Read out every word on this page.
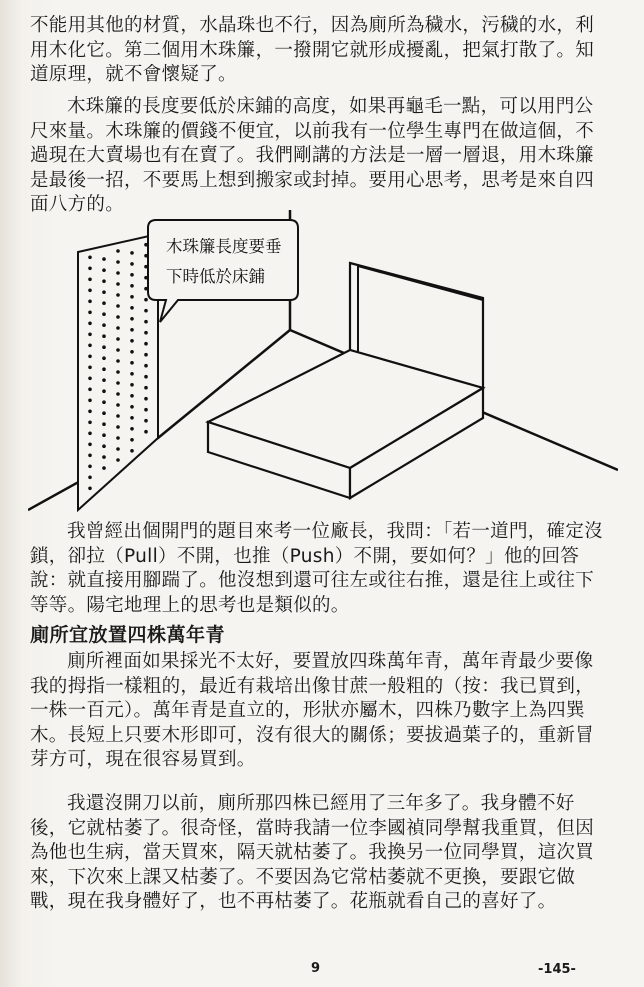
不能用其他的材質，水晶珠也不行，因為廁所為穢水，污穢的水，利用木化它。第二個用木珠簾，一撥開它就形成擾亂，把氣打散了。知道原理，就不會懷疑了。

木珠簾的長度要低於床鋪的高度，如果再龜毛一點，可以用門公尺來量。木珠簾的價錢不便宜，以前我有一位學生專門在做這個，不過現在大賣場也有在賣了。我們剛講的方法是一層一層退，用木珠簾是最後一招，不要馬上想到搬家或封掉。要用心思考，思考是來自四面八方的。

木珠簾長度要垂
下時低於床鋪

我曾經出個開門的題目來考一位廠長，我問：「若一道門，確定沒鎖，卻拉（Pull）不開，也推（Push）不開，要如何？」他的回答說：就直接用腳踹了。他沒想到還可往左或往右推，還是往上或往下等等。陽宅地理上的思考也是類似的。

廁所宜放置四株萬年青

廁所裡面如果採光不太好，要置放四珠萬年青，萬年青最少要像我的拇指一樣粗的，最近有栽培出像甘蔗一般粗的（按：我已買到，一株一百元）。萬年青是直立的，形狀亦屬木，四株乃數字上為四巽木。長短上只要木形即可，沒有很大的關係；要拔過葉子的，重新冒芽方可，現在很容易買到。

我還沒開刀以前，廁所那四株已經用了三年多了。我身體不好後，它就枯萎了。很奇怪，當時我請一位李國禎同學幫我重買，但因為他也生病，當天買來，隔天就枯萎了。我換另一位同學買，這次買來，下次來上課又枯萎了。不要因為它常枯萎就不更換，要跟它做戰，現在我身體好了，也不再枯萎了。花瓶就看自己的喜好了。

9	-145-
